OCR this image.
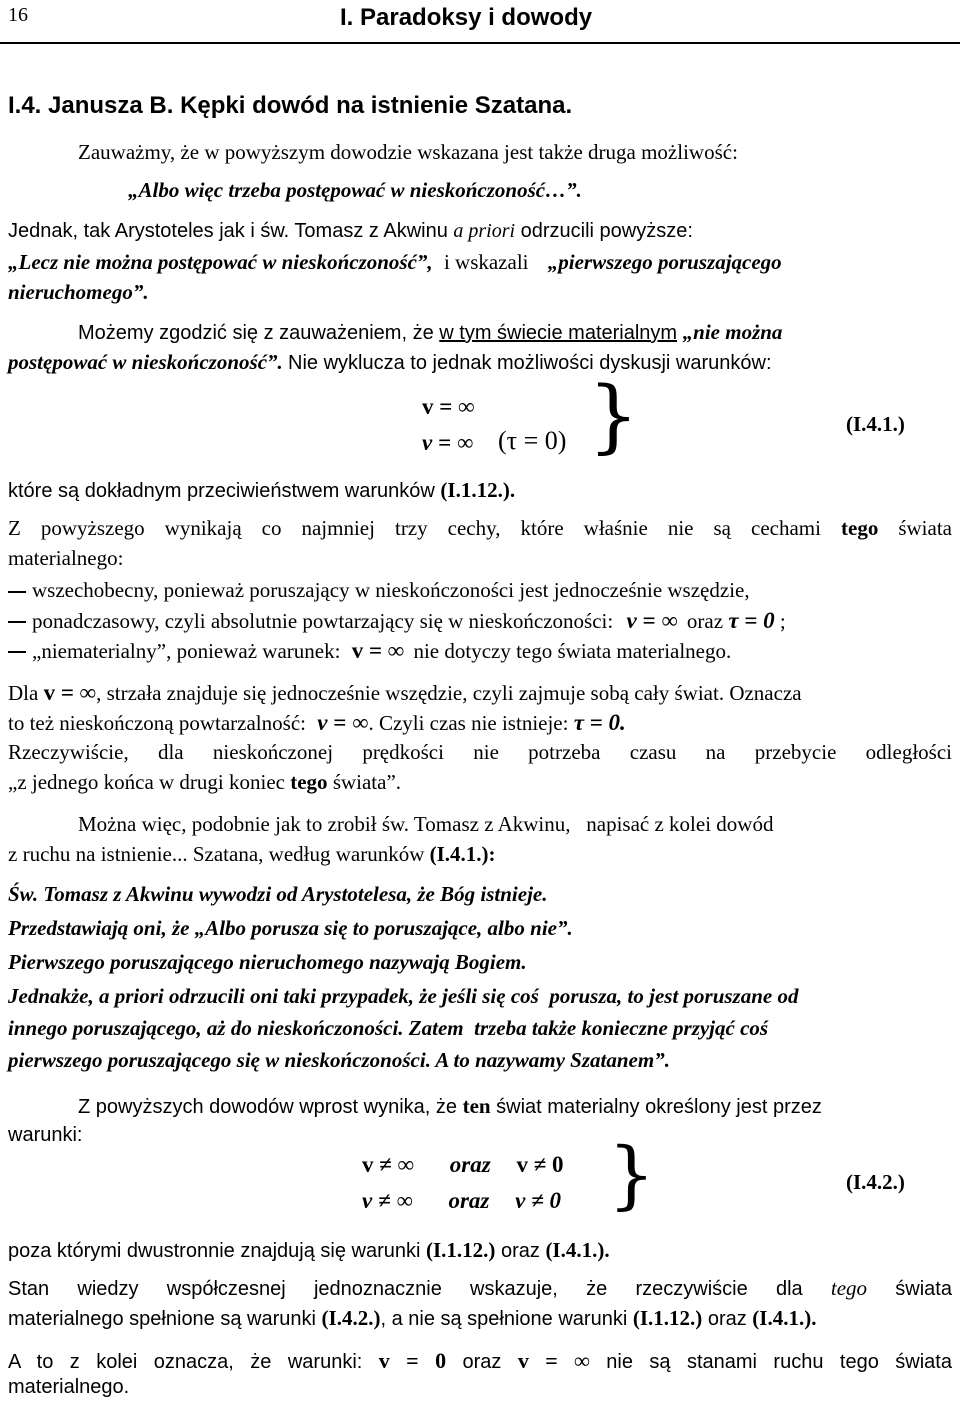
16	I. Paradoksy i dowody
I.4. Janusza B. Kępki dowód na istnienie Szatana.
Zauważmy, że w powyższym dowodzie wskazana jest także druga możliwość:
„Albo więc trzeba postępować w nieskończoność…”.
Jednak, tak Arystoteles jak i św. Tomasz z Akwinu a priori odrzucili powyższe:
„Lecz nie można postępować w nieskończoność”, i wskazali „pierwszego poruszającego
nieruchomego”.
Możemy zgodzić się z zauważeniem, że w tym świecie materialnym „nie można
postępować w nieskończoność”. Nie wyklucza to jednak możliwości dyskusji warunków:
v = ∞
ν = ∞ (τ = 0) }	(I.4.1.)
które są dokładnym przeciwieństwem warunków (I.1.12.).
Z powyższego wynikają co najmniej trzy cechy, które właśnie nie są cechami tego świata
materialnego:
wszechobecny, ponieważ poruszający w nieskończoności jest jednocześnie wszędzie,
ponadczasowy, czyli absolutnie powtarzający się w nieskończoności: ν = ∞ oraz τ = 0 ;
„niematerialny”, ponieważ warunek: v = ∞ nie dotyczy tego świata materialnego.
Dla v = ∞, strzała znajduje się jednocześnie wszędzie, czyli zajmuje sobą cały świat. Oznacza
to też nieskończoną powtarzalność: ν = ∞. Czyli czas nie istnieje: τ = 0.
Rzeczywiście, dla nieskończonej prędkości nie potrzeba czasu na przebycie odległości
„z jednego końca w drugi koniec tego świata”.
Można więc, podobnie jak to zrobił św. Tomasz z Akwinu,   napisać z kolei dowód
z ruchu na istnienie... Szatana, według warunków (I.4.1.):
Św. Tomasz z Akwinu wywodzi od Arystotelesa, że Bóg istnieje.
Przedstawiają oni, że „Albo porusza się to poruszające, albo nie”.
Pierwszego poruszającego nieruchomego nazywają Bogiem.
Jednakże, a priori odrzucili oni taki przypadek, że jeśli się coś  porusza, to jest poruszane od
innego poruszającego, aż do nieskończoności. Zatem  trzeba także konieczne przyjąć coś
pierwszego poruszającego się w nieskończoności. A to nazywamy Szatanem”.
Z powyższych dowodów wprost wynika, że ten świat materialny określony jest przez
warunki:
v ≠ ∞ oraz v ≠ 0
ν ≠ ∞ oraz ν ≠ 0 }	(I.4.2.)
poza którymi dwustronnie znajdują się warunki (I.1.12.) oraz (I.4.1.).
Stan wiedzy współczesnej jednoznacznie wskazuje, że rzeczywiście dla tego świata
materialnego spełnione są warunki (I.4.2.), a nie są spełnione warunki (I.1.12.) oraz (I.4.1.).
A to z kolei oznacza, że warunki: v = 0 oraz v = ∞ nie są stanami ruchu tego świata
materialnego.
